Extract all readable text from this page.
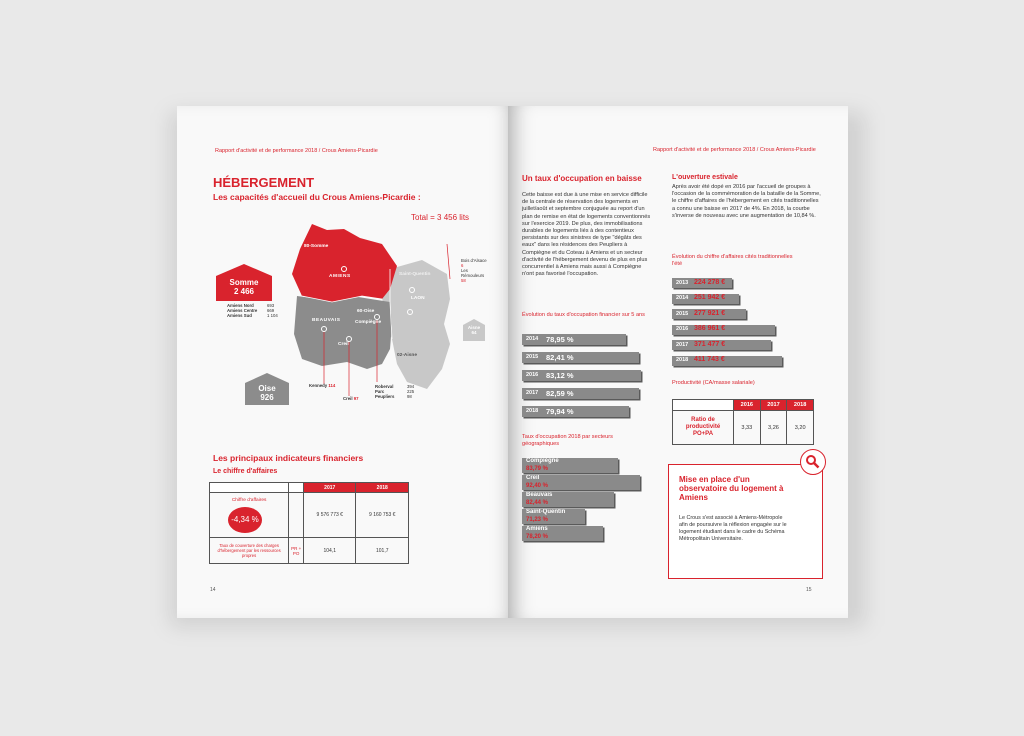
Rapport d'activité et de performance 2018 / Crous Amiens-Picardie
HÉBERGEMENT
Les capacités d'accueil du Crous Amiens-Picardie :
Total = 3 456 lits
80-Somme
AMIENS	Saint-Quentin
LAON
BEAUVAIS
60-Oise
Compiègne
Creil
02-Aisne
Bois d'Alsace
6
Les Rémouleurs
58
Amiens Nord	693
Amiens Centre 669
Amiens Sud	1 104
Kennedy 114
Creil 97
Roberval	394
Parc	225
Peupliers	98
Somme
2 466
Oise
926
Aisne
64
Les principaux indicateurs financiers
Le chiffre d'affaires
		2017	2018

Chiffre d'affaires
-4,34 %		9 576 773 €	9 160 753 €
Taux de couverture des charges d'hébergement par les ressources propres	PR + PO	104,1	101,7
14
Rapport d'activité et de performance 2018 / Crous Amiens-Picardie
Un taux d'occupation en baisse
Cette baisse est due à une mise en service difficile de la centrale de réservation des logements en juillet/août et septembre conjuguée au report d'un plan de remise en état de logements conventionnés sur l'exercice 2019. De plus, des immobilisations durables de logements liés à des contentieux persistants sur des sinistres de type "dégâts des eaux" dans les résidences des Peupliers à Compiègne et du Coteau à Amiens et un secteur d'activité de l'hébergement devenu de plus en plus concurrentiel à Amiens mais aussi à Compiègne n'ont pas favorisé l'occupation.
Évolution du taux d'occupation financier sur 5 ans
Taux d'occupation 2018 par secteurs géographiques
L'ouverture estivale
Après avoir été dopé en 2016 par l'accueil de groupes à l'occasion de la commémoration de la bataille de la Somme, le chiffre d'affaires de l'hébergement en cités traditionnelles a connu une baisse en 2017 de 4%. En 2018, la courbe s'inverse de nouveau avec une augmentation de 10,84 %.
Évolution du chiffre d'affaires cités traditionnelles l'été
Productivité (CA/masse salariale)
	2016	2017	2018
Ratio de productivité PO+PA	3,33	3,26	3,20
Mise en place d'un observatoire du logement à Amiens
Le Crous s'est associé à Amiens-Métropole afin de poursuivre la réflexion engagée sur le logement étudiant dans le cadre du Schéma Métropolitain Universitaire.
15
2014 78,95 %
2015 82,41 %
2016 83,12 %
2017 82,59 %
2018 79,94 %
Compiègne
83,79 %
Creil
92,40 %
Beauvais
82,44 %
Saint-Quentin
71,23 %
Amiens
78,20 %
2013 224 278 €
2014 251 942 €
2015 277 921 €
2016 386 961 €
2017 371 477 €
2018 411 743 €
